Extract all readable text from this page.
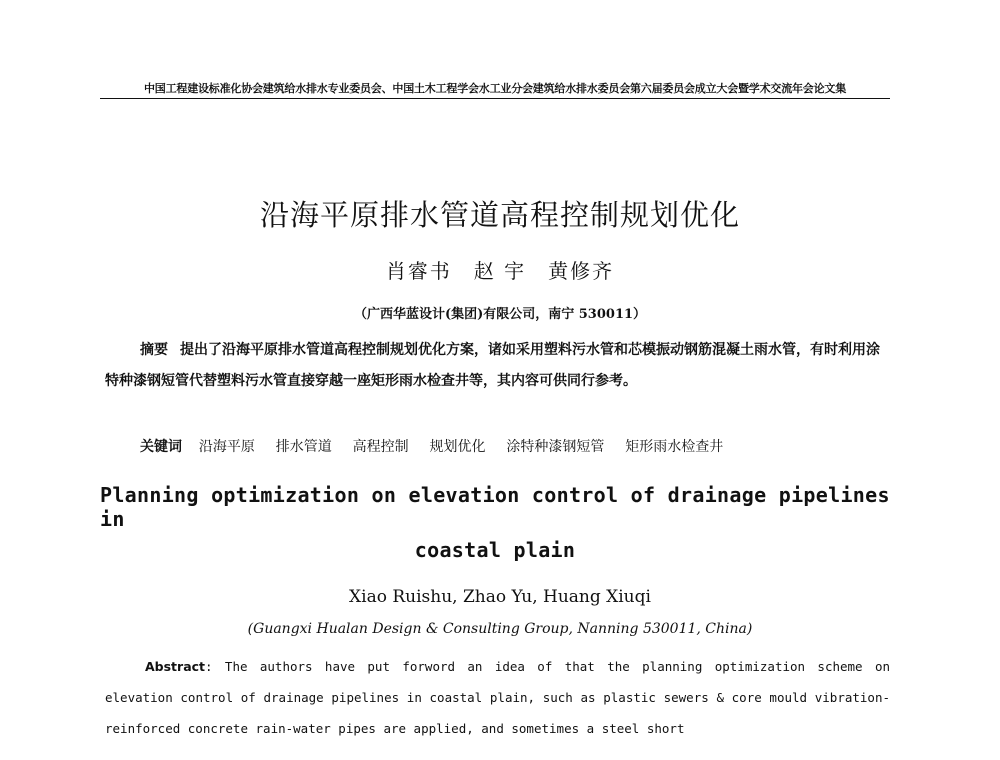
中国工程建设标准化协会建筑给水排水专业委员会、中国土木工程学会水工业分会建筑给水排水委员会第六届委员会成立大会暨学术交流年会论文集
沿海平原排水管道高程控制规划优化
肖睿书　赵 宇　黄修齐
（广西华蓝设计(集团)有限公司，南宁 530011）
摘要 提出了沿海平原排水管道高程控制规划优化方案，诸如采用塑料污水管和芯模振动钢筋混凝土雨水管，有时利用涂特种漆钢短管代替塑料污水管直接穿越一座矩形雨水检查井等，其内容可供同行参考。
关键词 沿海平原 排水管道 高程控制 规划优化 涂特种漆钢短管 矩形雨水检查井
Planning optimization on elevation control of drainage pipelines in
coastal plain
Xiao Ruishu, Zhao Yu, Huang Xiuqi
(Guangxi Hualan Design & Consulting Group, Nanning 530011, China)
Abstract: The authors have put forword an idea of that the planning optimization scheme on elevation control of drainage pipelines in coastal plain, such as plastic sewers & core mould vibration-reinforced concrete rain-water pipes are applied, and sometimes a steel short
